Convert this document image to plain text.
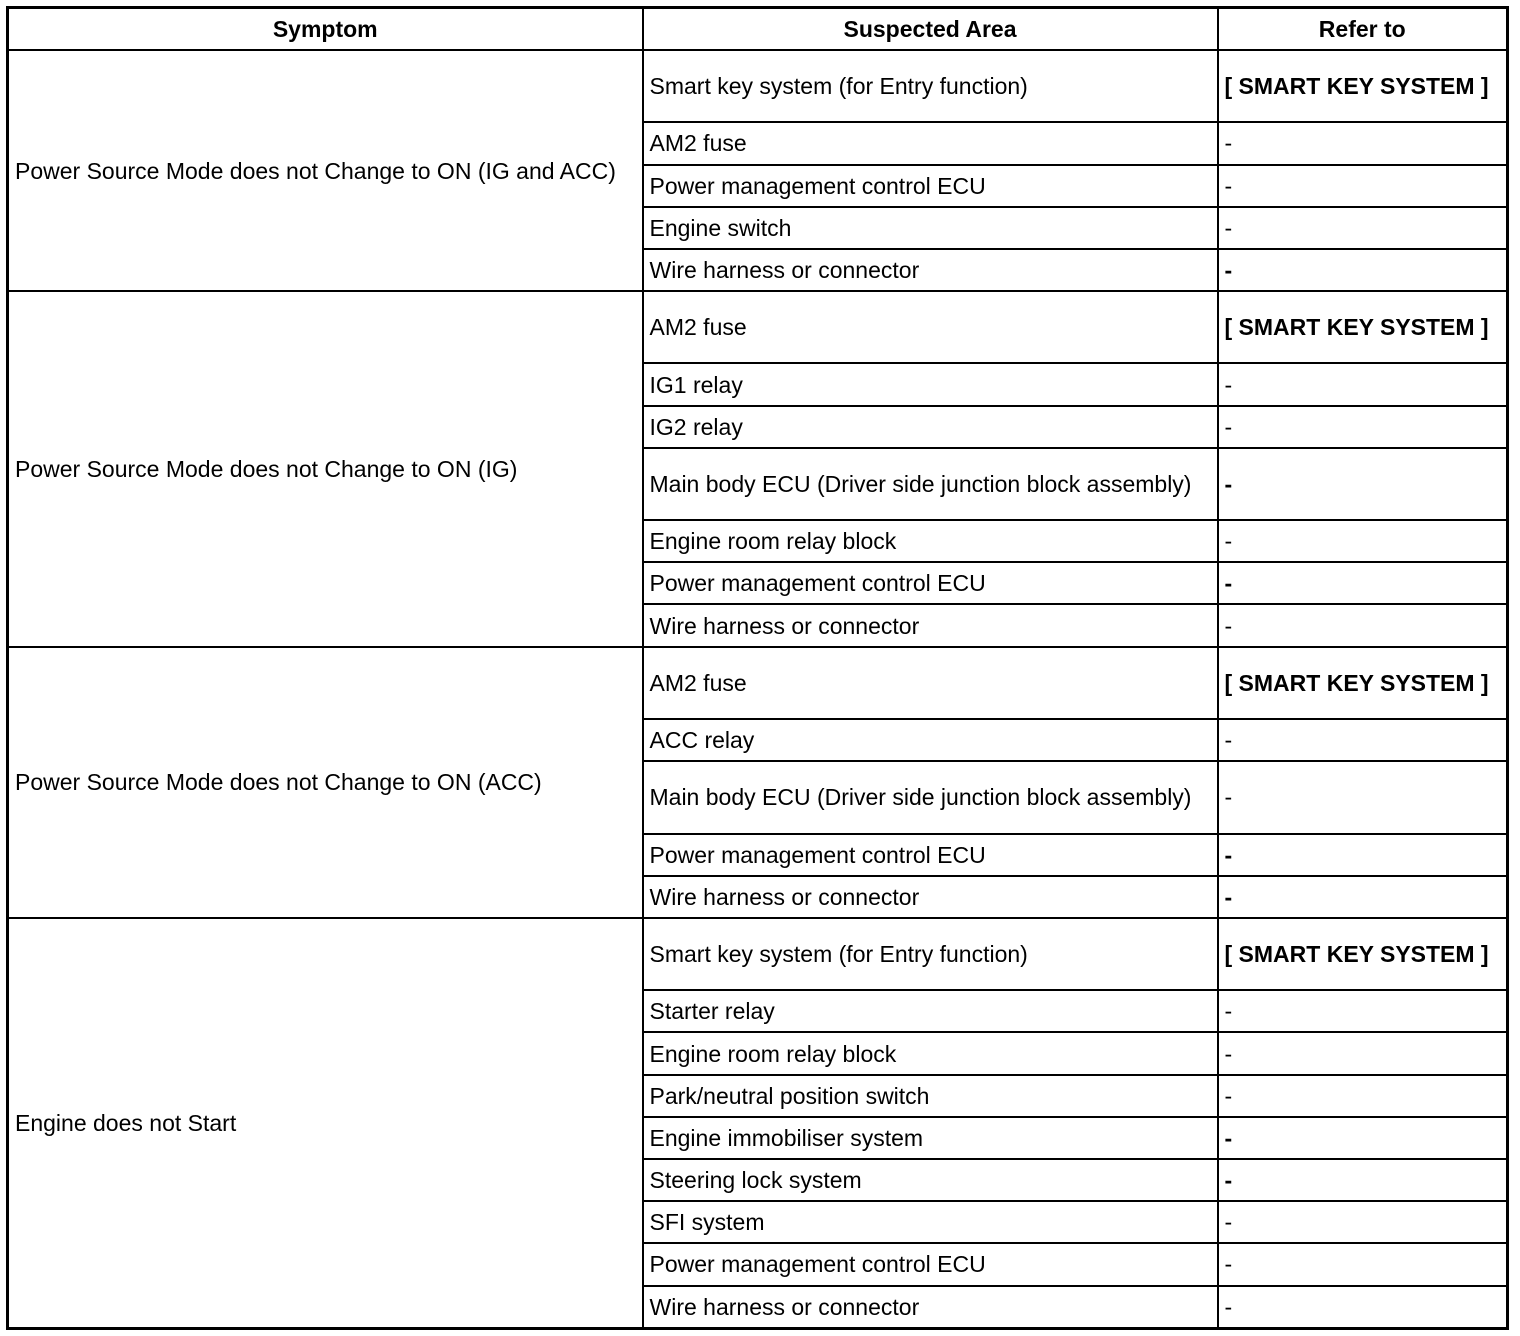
Symptom	Suspected Area	Refer to
Power Source Mode does not Change to ON (IG and ACC)	Smart key system (for Entry function)	[ SMART KEY SYSTEM ]
	AM2 fuse	-
	Power management control ECU	-
	Engine switch	-
	Wire harness or connector	-
Power Source Mode does not Change to ON (IG)	AM2 fuse	[ SMART KEY SYSTEM ]
	IG1 relay	-
	IG2 relay	-
	Main body ECU (Driver side junction block assembly)	-
	Engine room relay block	-
	Power management control ECU	-
	Wire harness or connector	-
Power Source Mode does not Change to ON (ACC)	AM2 fuse	[ SMART KEY SYSTEM ]
	ACC relay	-
	Main body ECU (Driver side junction block assembly)	-
	Power management control ECU	-
	Wire harness or connector	-
Engine does not Start	Smart key system (for Entry function)	[ SMART KEY SYSTEM ]
	Starter relay	-
	Engine room relay block	-
	Park/neutral position switch	-
	Engine immobiliser system	-
	Steering lock system	-
	SFI system	-
	Power management control ECU	-
	Wire harness or connector	-
